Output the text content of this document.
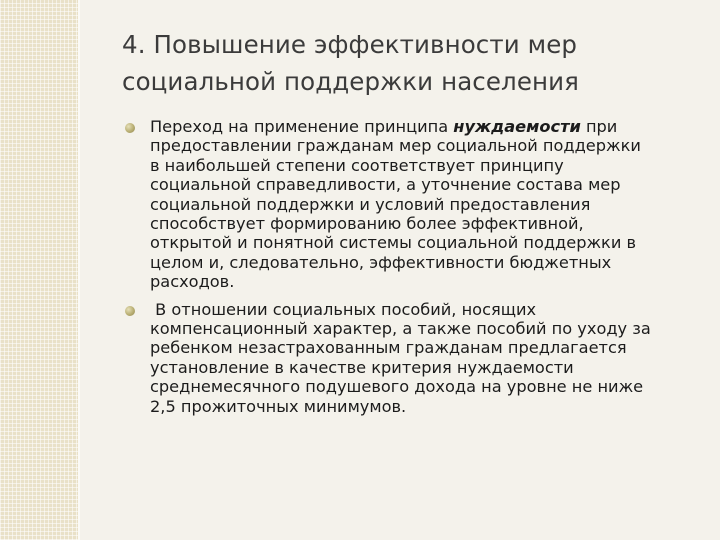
4. Повышение эффективности мер
социальной поддержки населения
Переход на применение принципа нуждаемости при
предоставлении гражданам мер социальной поддержки
в наибольшей степени соответствует принципу
социальной справедливости, а уточнение состава мер
социальной поддержки и условий предоставления
способствует формированию более эффективной,
открытой и понятной системы социальной поддержки в
целом и, следовательно, эффективности бюджетных
расходов.
В отношении социальных пособий, носящих
компенсационный характер, а также пособий по уходу за
ребенком незастрахованным гражданам предлагается
установление в качестве критерия нуждаемости
среднемесячного подушевого дохода на уровне не ниже
2,5 прожиточных минимумов.
